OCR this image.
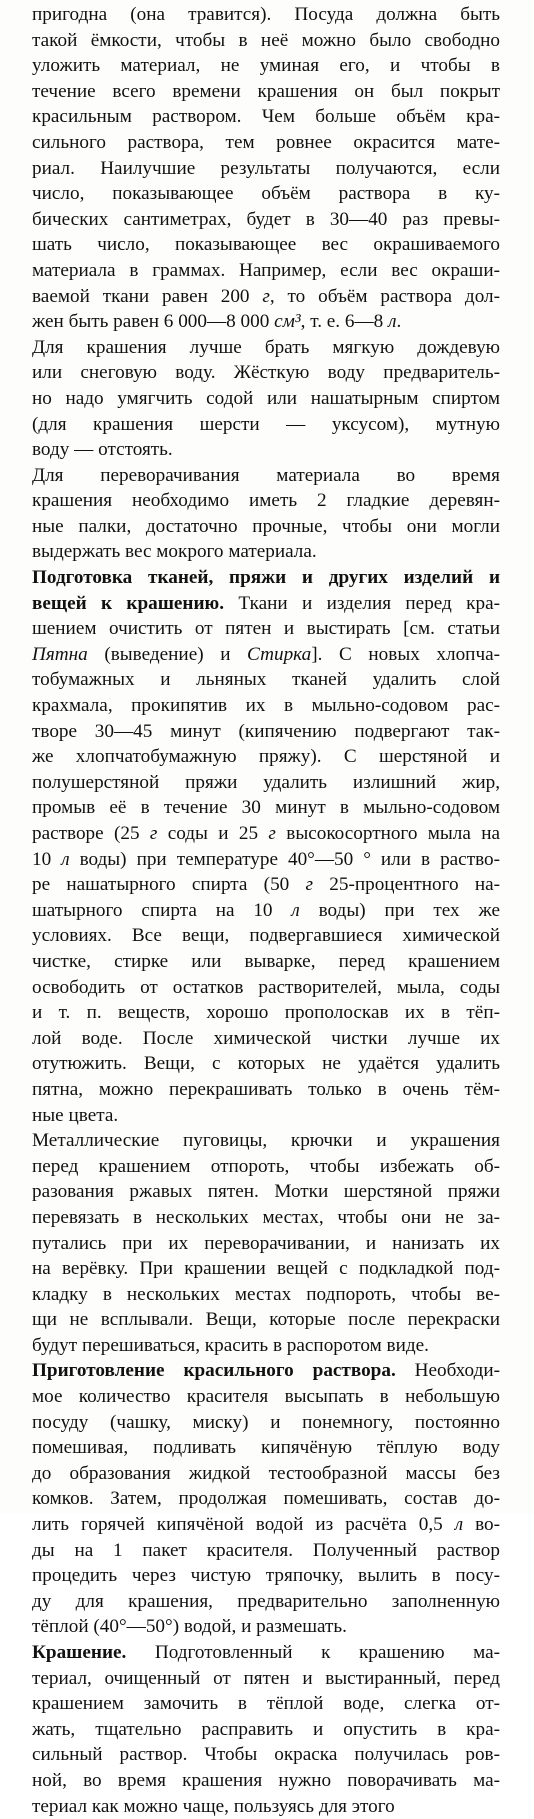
пригодна (она травится). Посуда должна быть
такой ёмкости, чтобы в неё можно было свободно
уложить материал, не уминая его, и чтобы в
течение всего времени крашения он был покрыт
красильным раствором. Чем больше объём кра-
сильного раствора, тем ровнее окрасится мате-
риал. Наилучшие результаты получаются, если
число, показывающее объём раствора в ку-
бических сантиметрах, будет в 30—40 раз превы-
шать число, показывающее вес окрашиваемого
материала в граммах. Например, если вес окраши-
ваемой ткани равен 200 г, то объём раствора дол-
жен быть равен 6 000—8 000 см³, т. е. 6—8 л.
Для крашения лучше брать мягкую дождевую
или снеговую воду. Жёсткую воду предваритель-
но надо умягчить содой или нашатырным спиртом
(для крашения шерсти — уксусом), мутную
воду — отстоять.
Для переворачивания материала во время
крашения необходимо иметь 2 гладкие деревян-
ные палки, достаточно прочные, чтобы они могли
выдержать вес мокрого материала.
Подготовка тканей, пряжи и других изделий и
вещей к крашению. Ткани и изделия перед кра-
шением очистить от пятен и выстирать [см. статьи
Пятна (выведение) и Стирка]. С новых хлопча-
тобумажных и льняных тканей удалить слой
крахмала, прокипятив их в мыльно-содовом рас-
творе 30—45 минут (кипячению подвергают так-
же хлопчатобумажную пряжу). С шерстяной и
полушерстяной пряжи удалить излишний жир,
промыв её в течение 30 минут в мыльно-содовом
растворе (25 г соды и 25 г высокосортного мыла на
10 л воды) при температуре 40°—50 ° или в раство-
ре нашатырного спирта (50 г 25-процентного на-
шатырного спирта на 10 л воды) при тех же
условиях. Все вещи, подвергавшиеся химической
чистке, стирке или выварке, перед крашением
освободить от остатков растворителей, мыла, соды
и т. п. веществ, хорошо прополоскав их в тёп-
лой воде. После химической чистки лучше их
отутюжить. Вещи, с которых не удаётся удалить
пятна, можно перекрашивать только в очень тём-
ные цвета.
Металлические пуговицы, крючки и украшения
перед крашением отпороть, чтобы избежать об-
разования ржавых пятен. Мотки шерстяной пряжи
перевязать в нескольких местах, чтобы они не за-
путались при их переворачивании, и нанизать их
на верёвку. При крашении вещей с подкладкой под-
кладку в нескольких местах подпороть, чтобы ве-
щи не всплывали. Вещи, которые после перекраски
будут перешиваться, красить в распоротом виде.
Приготовление красильного раствора. Необходи-
мое количество красителя высыпать в небольшую
посуду (чашку, миску) и понемногу, постоянно
помешивая, подливать кипячёную тёплую воду
до образования жидкой тестообразной массы без
комков. Затем, продолжая помешивать, состав до-
лить горячей кипячёной водой из расчёта 0,5 л во-
ды на 1 пакет красителя. Полученный раствор
процедить через чистую тряпочку, вылить в посу-
ду для крашения, предварительно заполненную
тёплой (40°—50°) водой, и размешать.
Крашение. Подготовленный к крашению ма-
териал, очищенный от пятен и выстиранный, перед
крашением замочить в тёплой воде, слегка от-
жать, тщательно расправить и опустить в кра-
сильный раствор. Чтобы окраска получилась ров-
ной, во время крашения нужно поворачивать ма-
териал как можно чаще, пользуясь для этого
